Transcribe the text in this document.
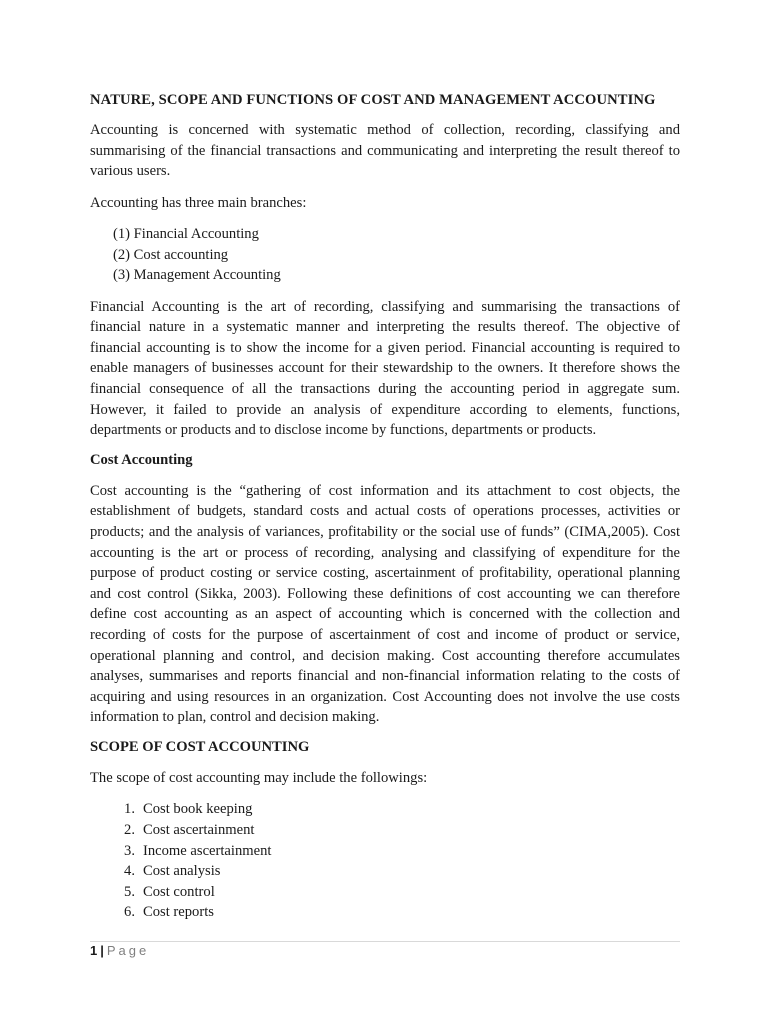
NATURE, SCOPE AND FUNCTIONS OF COST AND MANAGEMENT ACCOUNTING

Accounting is concerned with systematic method of collection, recording, classifying and summarising of the financial transactions and communicating and interpreting the result thereof to various users.

Accounting has three main branches:

(1) Financial Accounting
(2) Cost accounting
(3) Management Accounting

Financial Accounting is the art of recording, classifying and summarising the transactions of financial nature in a systematic manner and interpreting the results thereof. The objective of financial accounting is to show the income for a given period. Financial accounting is required to enable managers of businesses account for their stewardship to the owners. It therefore shows the financial consequence of all the transactions during the accounting period in aggregate sum. However, it failed to provide an analysis of expenditure according to elements, functions, departments or products and to disclose income by functions, departments or products.

Cost Accounting

Cost accounting is the “gathering of cost information and its attachment to cost objects, the establishment of budgets, standard costs and actual costs of operations processes, activities or products; and the analysis of variances, profitability or the social use of funds” (CIMA,2005). Cost accounting is the art or process of recording, analysing and classifying of expenditure for the purpose of product costing or service costing, ascertainment of profitability, operational planning and cost control (Sikka, 2003). Following these definitions of cost accounting we can therefore define cost accounting as an aspect of accounting which is concerned with the collection and recording of costs for the purpose of ascertainment of cost and income of product or service, operational planning and control, and decision making. Cost accounting therefore accumulates analyses, summarises and reports financial and non-financial information relating to the costs of acquiring and using resources in an organization. Cost Accounting does not involve the use costs information to plan, control and decision making.

SCOPE OF COST ACCOUNTING

The scope of cost accounting may include the followings:

1. Cost book keeping
2. Cost ascertainment
3. Income ascertainment
4. Cost analysis
5. Cost control
6. Cost reports
1 | Page
